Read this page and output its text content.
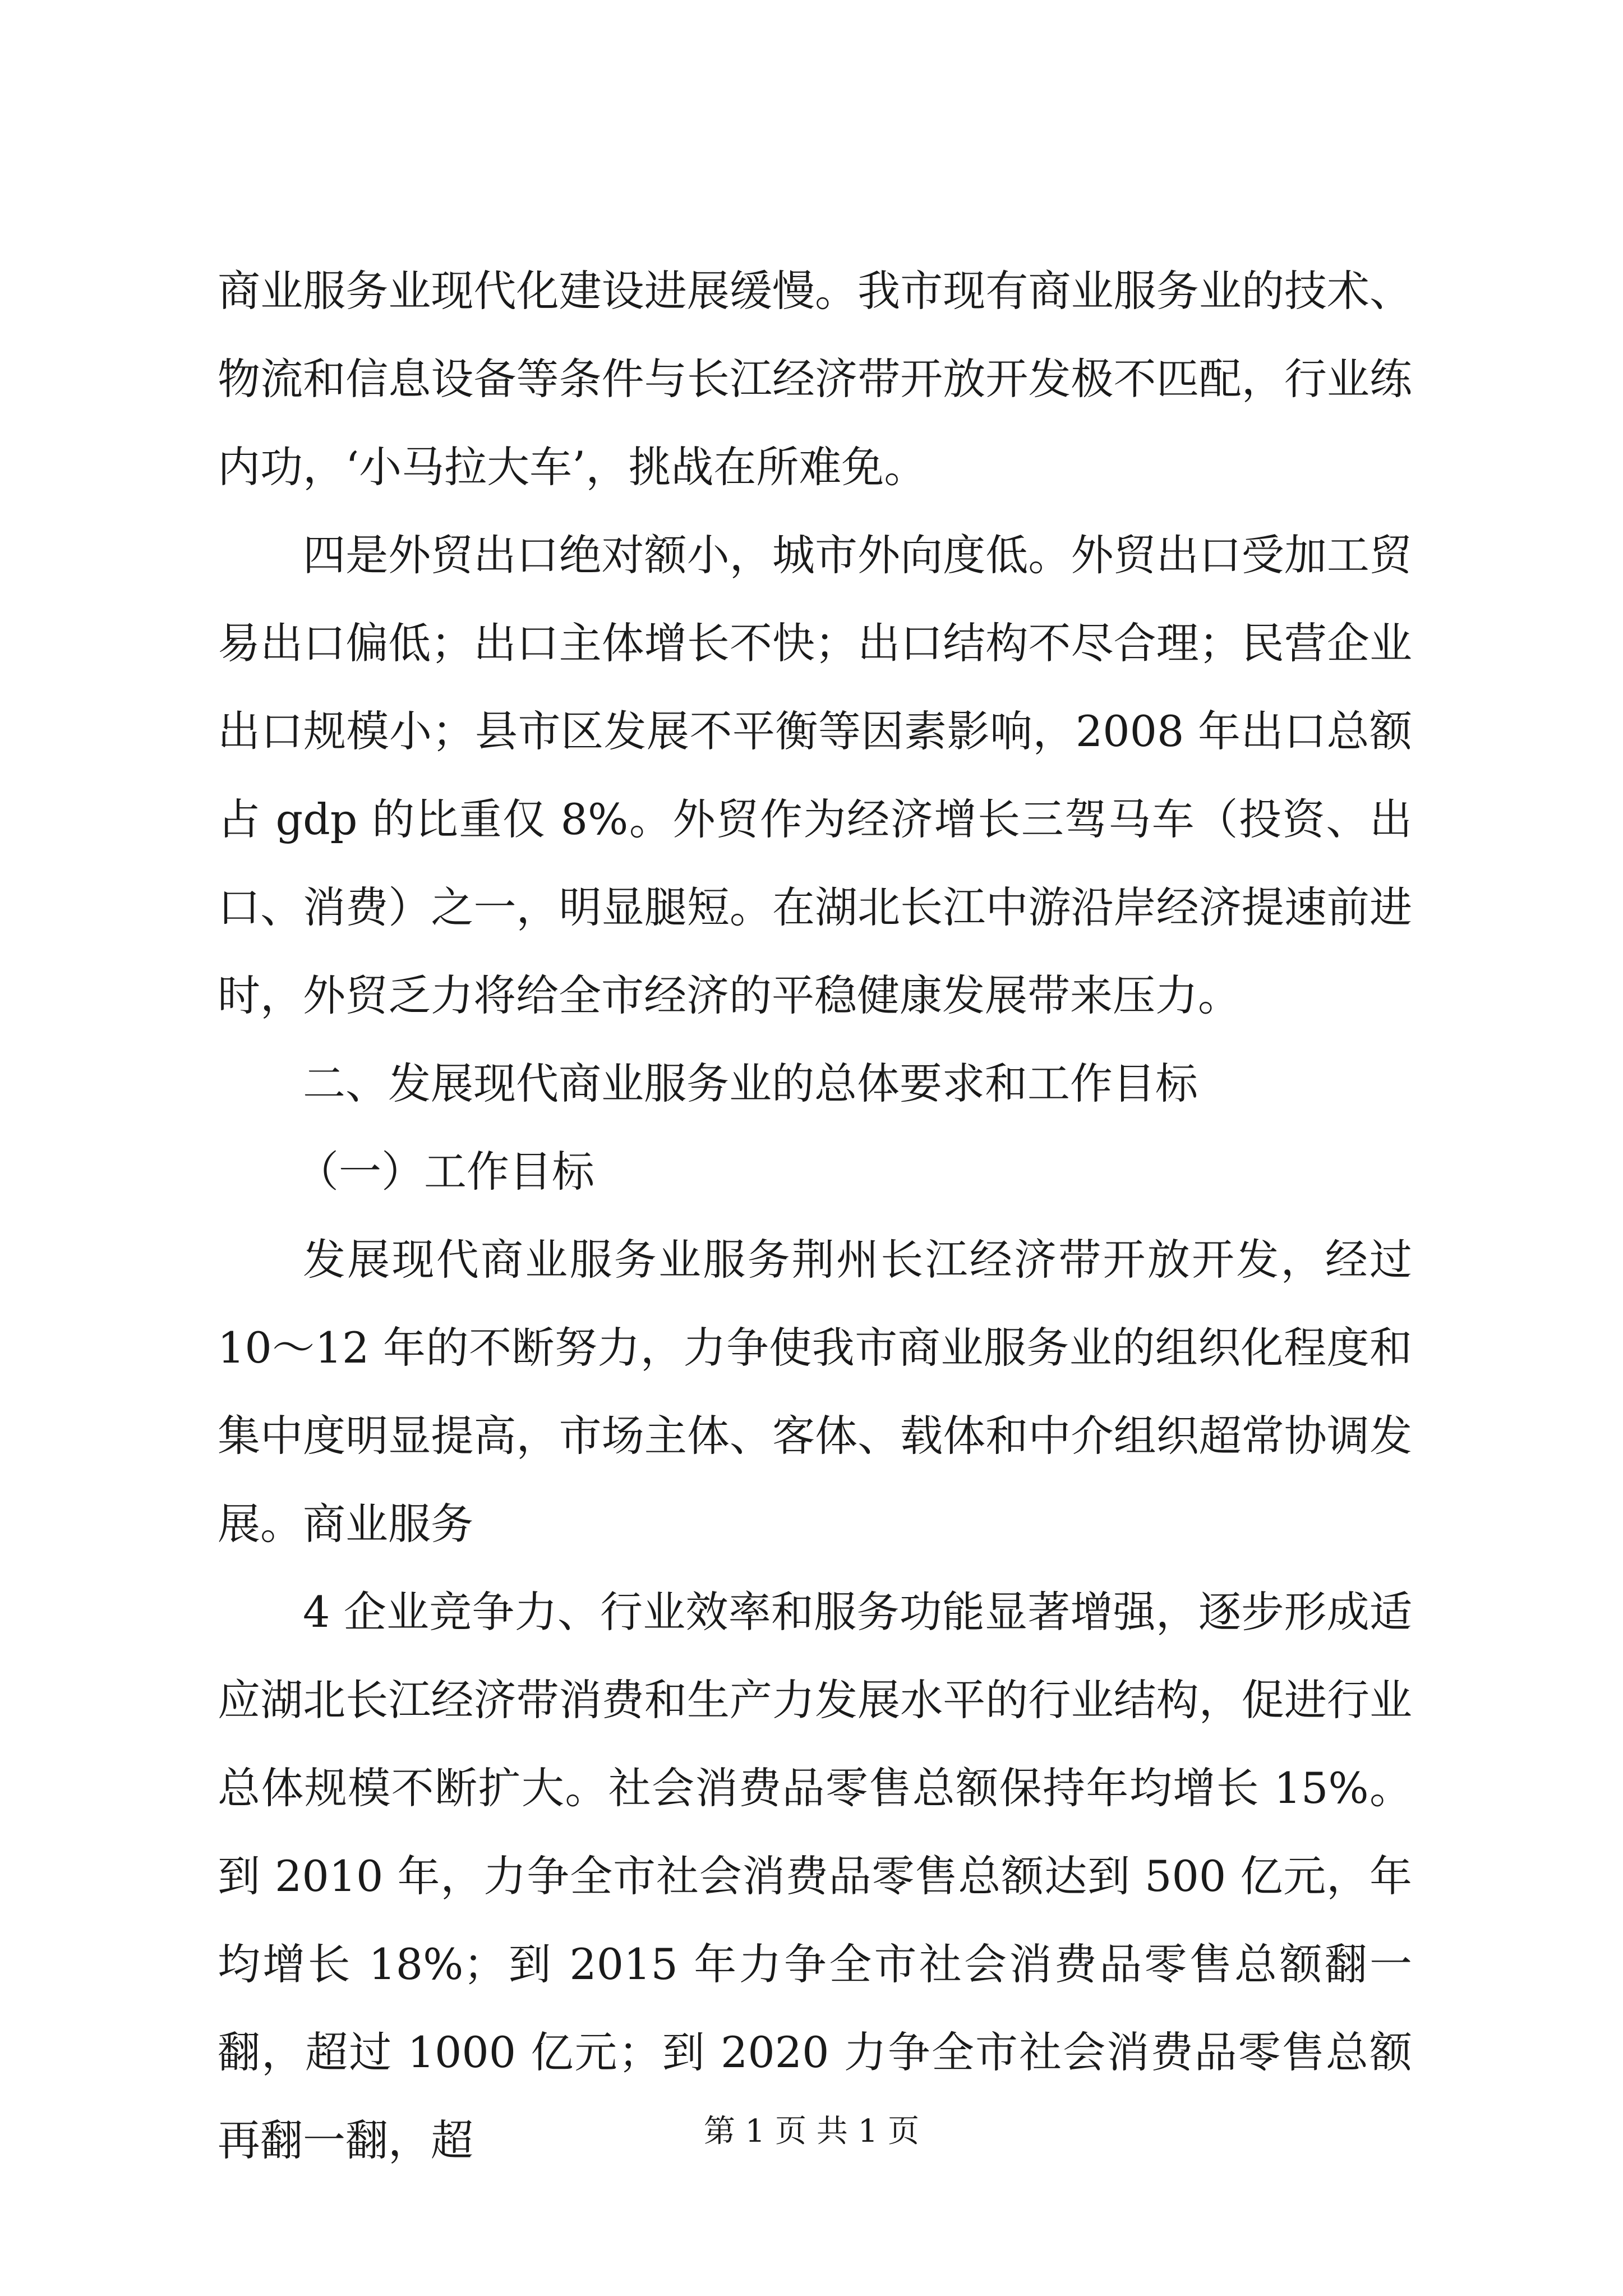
商业服务业现代化建设进展缓慢。我市现有商业服务业的技术、物流和信息设备等条件与长江经济带开放开发极不匹配，行业练内功，‘小马拉大车’，挑战在所难免。

四是外贸出口绝对额小，城市外向度低。外贸出口受加工贸易出口偏低；出口主体增长不快；出口结构不尽合理；民营企业出口规模小；县市区发展不平衡等因素影响，2008 年出口总额占 gdp 的比重仅 8%。外贸作为经济增长三驾马车（投资、出口、消费）之一，明显腿短。在湖北长江中游沿岸经济提速前进时，外贸乏力将给全市经济的平稳健康发展带来压力。

二、发展现代商业服务业的总体要求和工作目标

（一）工作目标

发展现代商业服务业服务荆州长江经济带开放开发，经过 10～12 年的不断努力，力争使我市商业服务业的组织化程度和集中度明显提高，市场主体、客体、载体和中介组织超常协调发展。商业服务

4 企业竞争力、行业效率和服务功能显著增强，逐步形成适应湖北长江经济带消费和生产力发展水平的行业结构，促进行业总体规模不断扩大。社会消费品零售总额保持年均增长 15%。到 2010 年，力争全市社会消费品零售总额达到 500 亿元，年均增长 18%；到 2015 年力争全市社会消费品零售总额翻一翻，超过 1000 亿元；到 2020 力争全市社会消费品零售总额再翻一翻，超	第 1 页 共 1 页
